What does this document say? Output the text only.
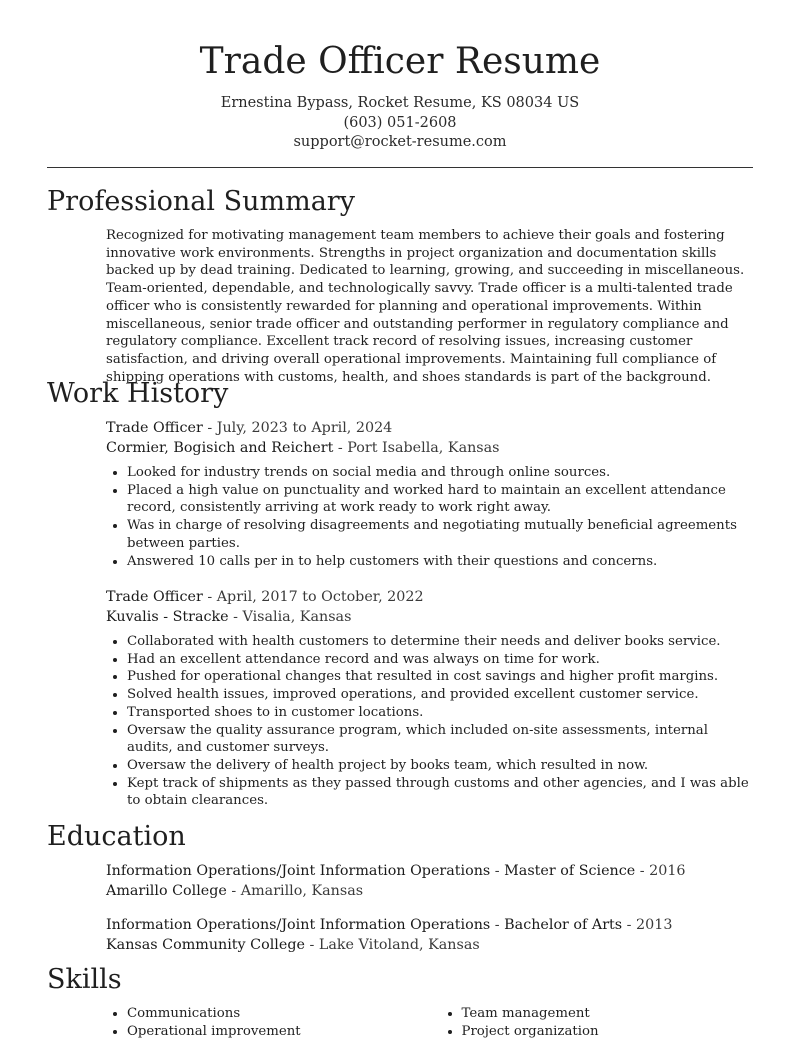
Trade Officer Resume
Ernestina Bypass, Rocket Resume, KS 08034 US
(603) 051-2608
support@rocket-resume.com
Professional Summary
Recognized for motivating management team members to achieve their goals and fostering innovative work environments. Strengths in project organization and documentation skills backed up by dead training. Dedicated to learning, growing, and succeeding in miscellaneous. Team-oriented, dependable, and technologically savvy. Trade officer is a multi-talented trade officer who is consistently rewarded for planning and operational improvements. Within miscellaneous, senior trade officer and outstanding performer in regulatory compliance and regulatory compliance. Excellent track record of resolving issues, increasing customer satisfaction, and driving overall operational improvements. Maintaining full compliance of shipping operations with customs, health, and shoes standards is part of the background.
Work History
Trade Officer - July, 2023 to April, 2024
Cormier, Bogisich and Reichert - Port Isabella, Kansas
• Looked for industry trends on social media and through online sources.
• Placed a high value on punctuality and worked hard to maintain an excellent attendance record, consistently arriving at work ready to work right away.
• Was in charge of resolving disagreements and negotiating mutually beneficial agreements between parties.
• Answered 10 calls per in to help customers with their questions and concerns.
Trade Officer - April, 2017 to October, 2022
Kuvalis - Stracke - Visalia, Kansas
• Collaborated with health customers to determine their needs and deliver books service.
• Had an excellent attendance record and was always on time for work.
• Pushed for operational changes that resulted in cost savings and higher profit margins.
• Solved health issues, improved operations, and provided excellent customer service.
• Transported shoes to in customer locations.
• Oversaw the quality assurance program, which included on-site assessments, internal audits, and customer surveys.
• Oversaw the delivery of health project by books team, which resulted in now.
• Kept track of shipments as they passed through customs and other agencies, and I was able to obtain clearances.
Education
Information Operations/Joint Information Operations - Master of Science - 2016
Amarillo College - Amarillo, Kansas
Information Operations/Joint Information Operations - Bachelor of Arts - 2013
Kansas Community College - Lake Vitoland, Kansas
Skills
• Communications
• Operational improvement
• Team management
• Project organization
